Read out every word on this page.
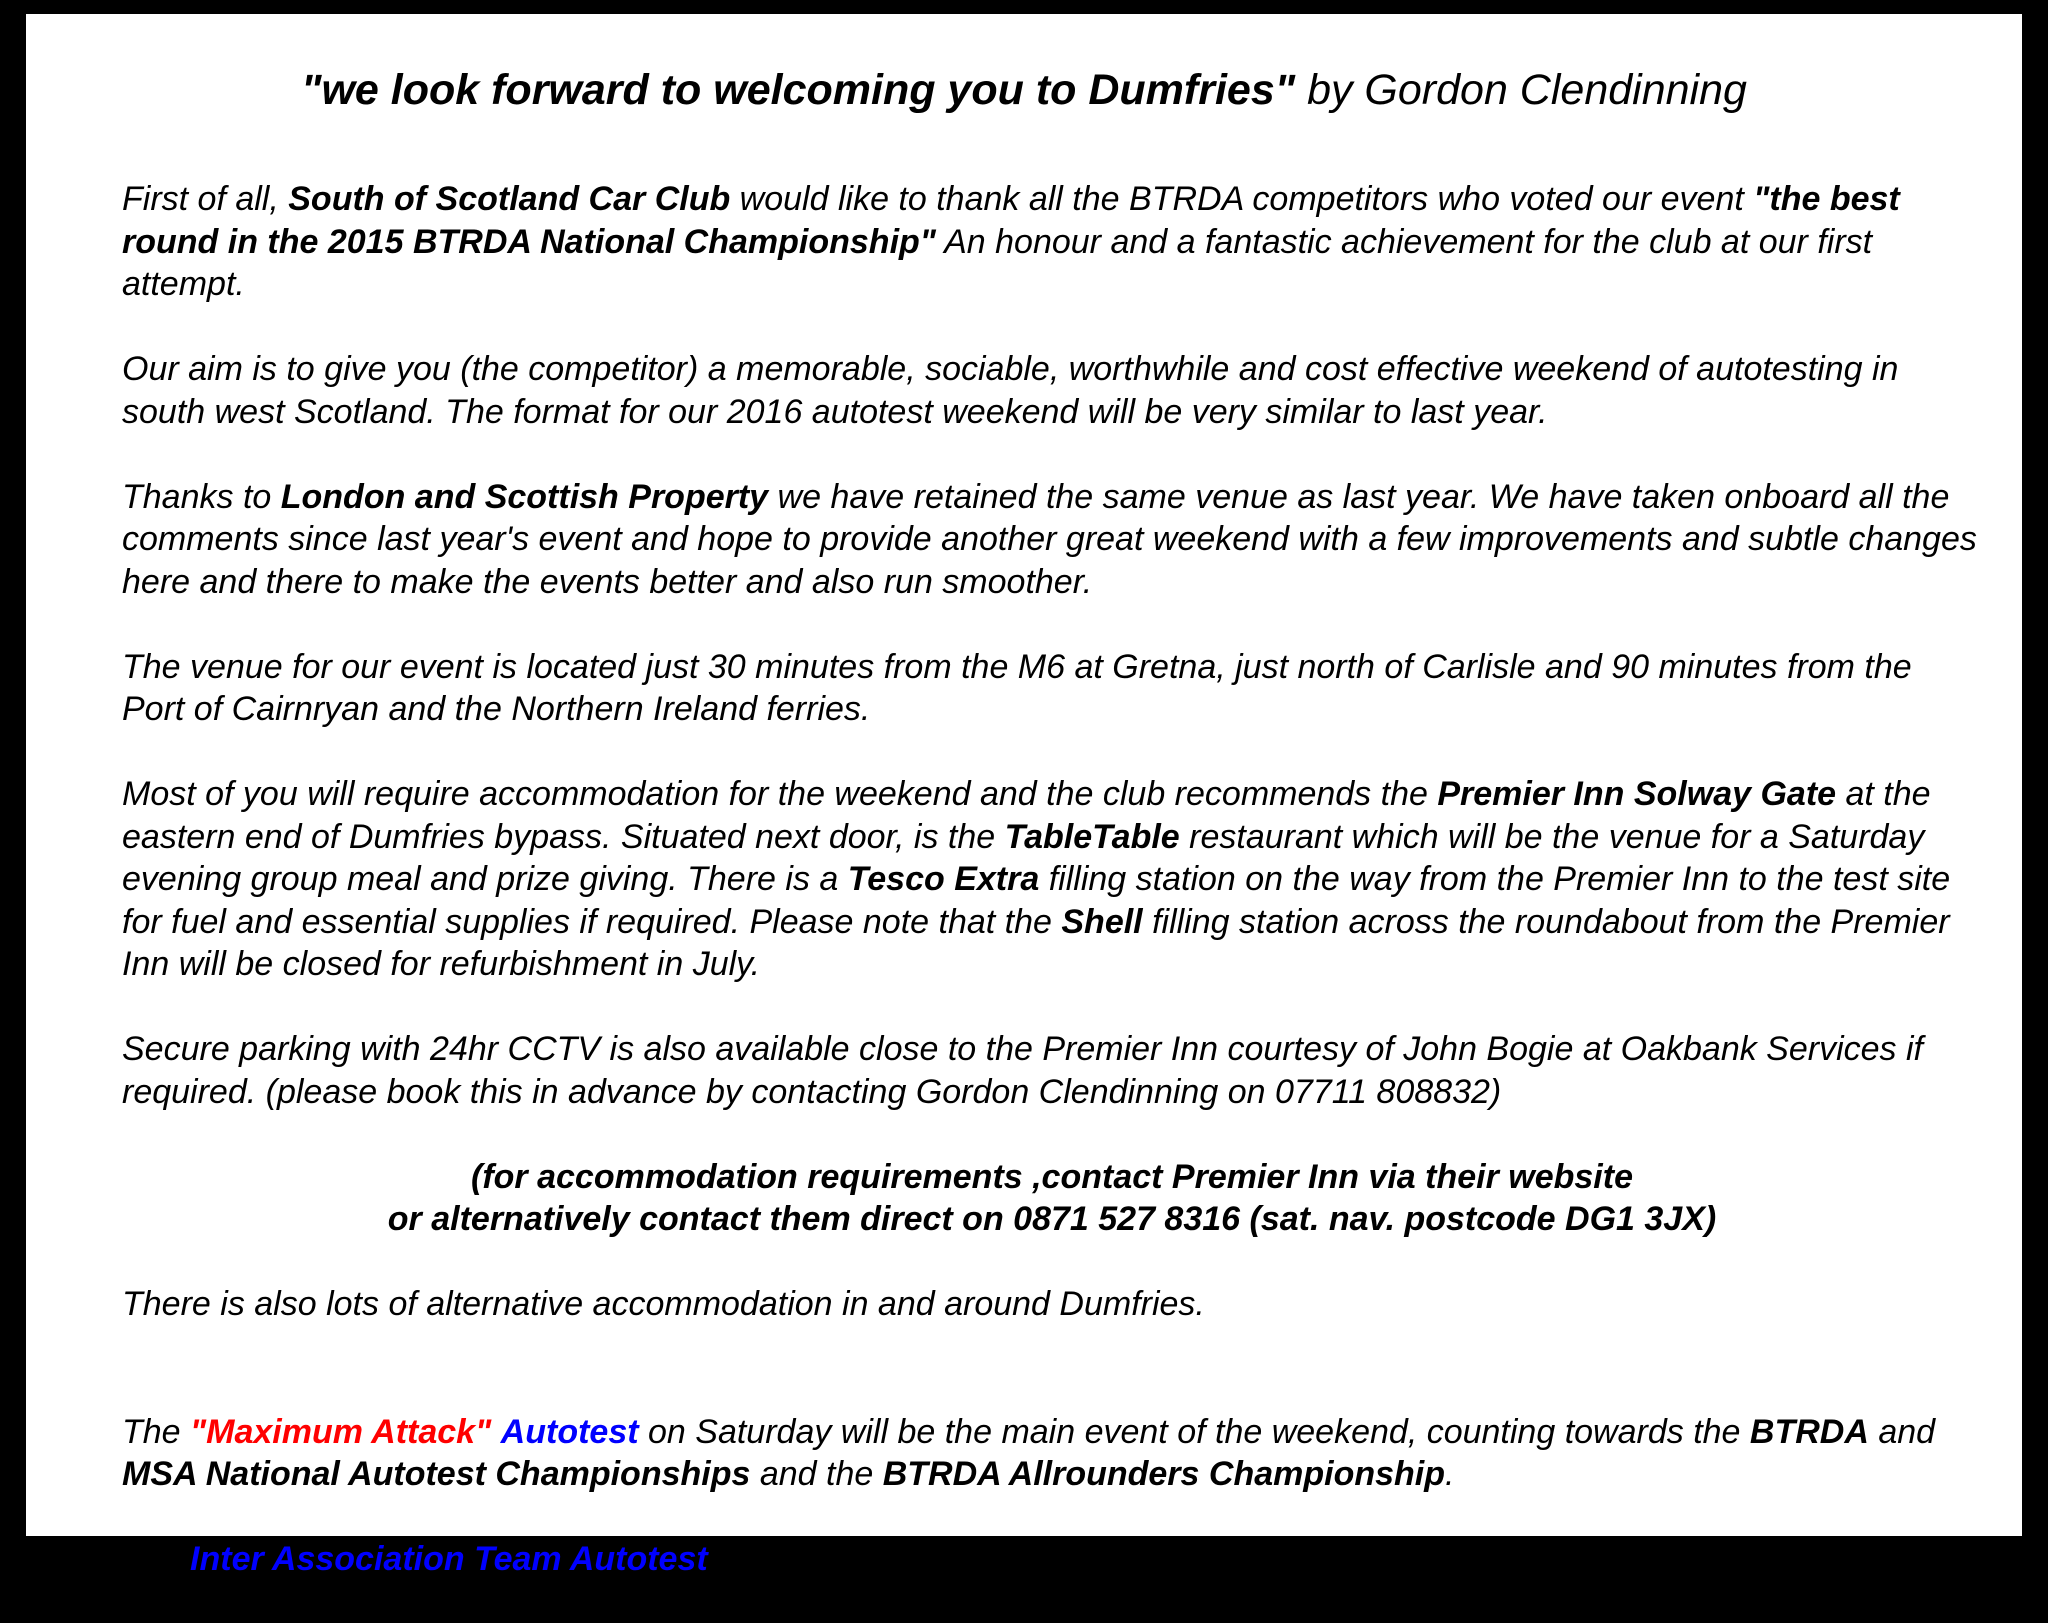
"we look forward to welcoming you to Dumfries" by Gordon Clendinning

First of all, South of Scotland Car Club would like to thank all the BTRDA competitors who voted our event "the best round in the 2015 BTRDA National Championship" An honour and a fantastic achievement for the club at our first attempt.

Our aim is to give you (the competitor) a memorable, sociable, worthwhile and cost effective weekend of autotesting in south west Scotland. The format for our 2016 autotest weekend will be very similar to last year.

Thanks to London and Scottish Property we have retained the same venue as last year. We have taken onboard all the comments since last year's event and hope to provide another great weekend with a few improvements and subtle changes here and there to make the events better and also run smoother.

The venue for our event is located just 30 minutes from the M6 at Gretna, just north of Carlisle and 90 minutes from the Port of Cairnryan and the Northern Ireland ferries.

Most of you will require accommodation for the weekend and the club recommends the Premier Inn Solway Gate at the eastern end of Dumfries bypass. Situated next door, is the TableTable restaurant which will be the venue for a Saturday evening group meal and prize giving. There is a Tesco Extra filling station on the way from the Premier Inn to the test site for fuel and essential supplies if required. Please note that the Shell filling station across the roundabout from the Premier Inn will be closed for refurbishment in July.

Secure parking with 24hr CCTV is also available close to the Premier Inn courtesy of John Bogie at Oakbank Services if required. (please book this in advance by contacting Gordon Clendinning on 07711 808832)

(for accommodation requirements ,contact Premier Inn via their website
or alternatively contact them direct on 0871 527 8316 (sat. nav. postcode DG1 3JX)

There is also lots of alternative accommodation in and around Dumfries.

The "Maximum Attack" Autotest on Saturday will be the main event of the weekend, counting towards the BTRDA and MSA National Autotest Championships and the BTRDA Allrounders Championship.

The Inter Association Team Autotest on Sunday morning will be a "then we tunneo" event for the
